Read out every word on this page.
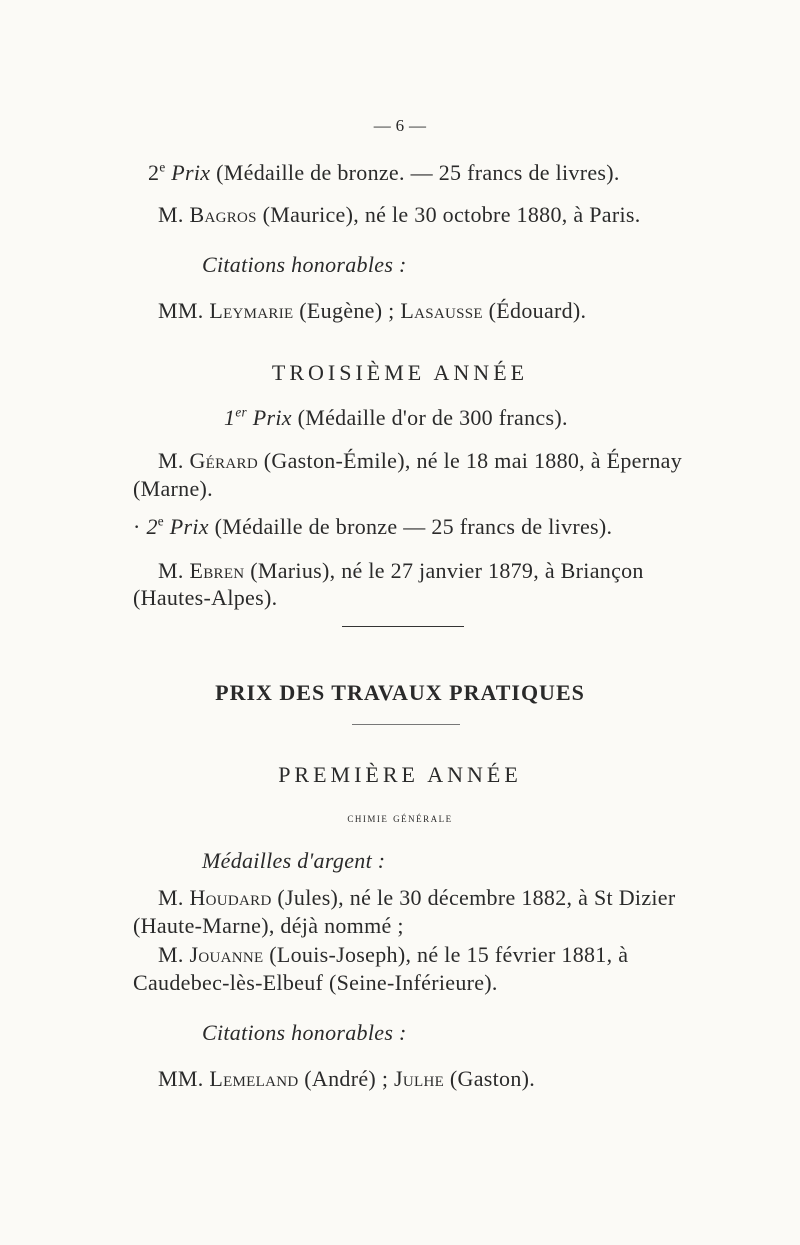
— 6 —
2e Prix (Médaille de bronze. — 25 francs de livres).
M. Bagros (Maurice), né le 30 octobre 1880, à Paris.
Citations honorables :
MM. Leymarie (Eugène) ; Lasausse (Édouard).
TROISIÈME ANNÉE
1er Prix (Médaille d'or de 300 francs).
M. Gérard (Gaston-Émile), né le 18 mai 1880, à Épernay
(Marne).
· $2^e$ Prix (Médaille de bronze — 25 francs de livres).
M. Ebren (Marius), né le 27 janvier 1879, à Briançon
(Hautes-Alpes).
PRIX DES TRAVAUX PRATIQUES
PREMIÈRE ANNÉE
chimie générale
Médailles d'argent :
M. Houdard (Jules), né le 30 décembre 1882, à St Dizier
(Haute-Marne), déjà nommé ;
M. Jouanne (Louis-Joseph), né le 15 février 1881, à
Caudebec-lès-Elbeuf (Seine-Inférieure).
Citations honorables :
MM. Lemeland (André) ; Julhe (Gaston).
